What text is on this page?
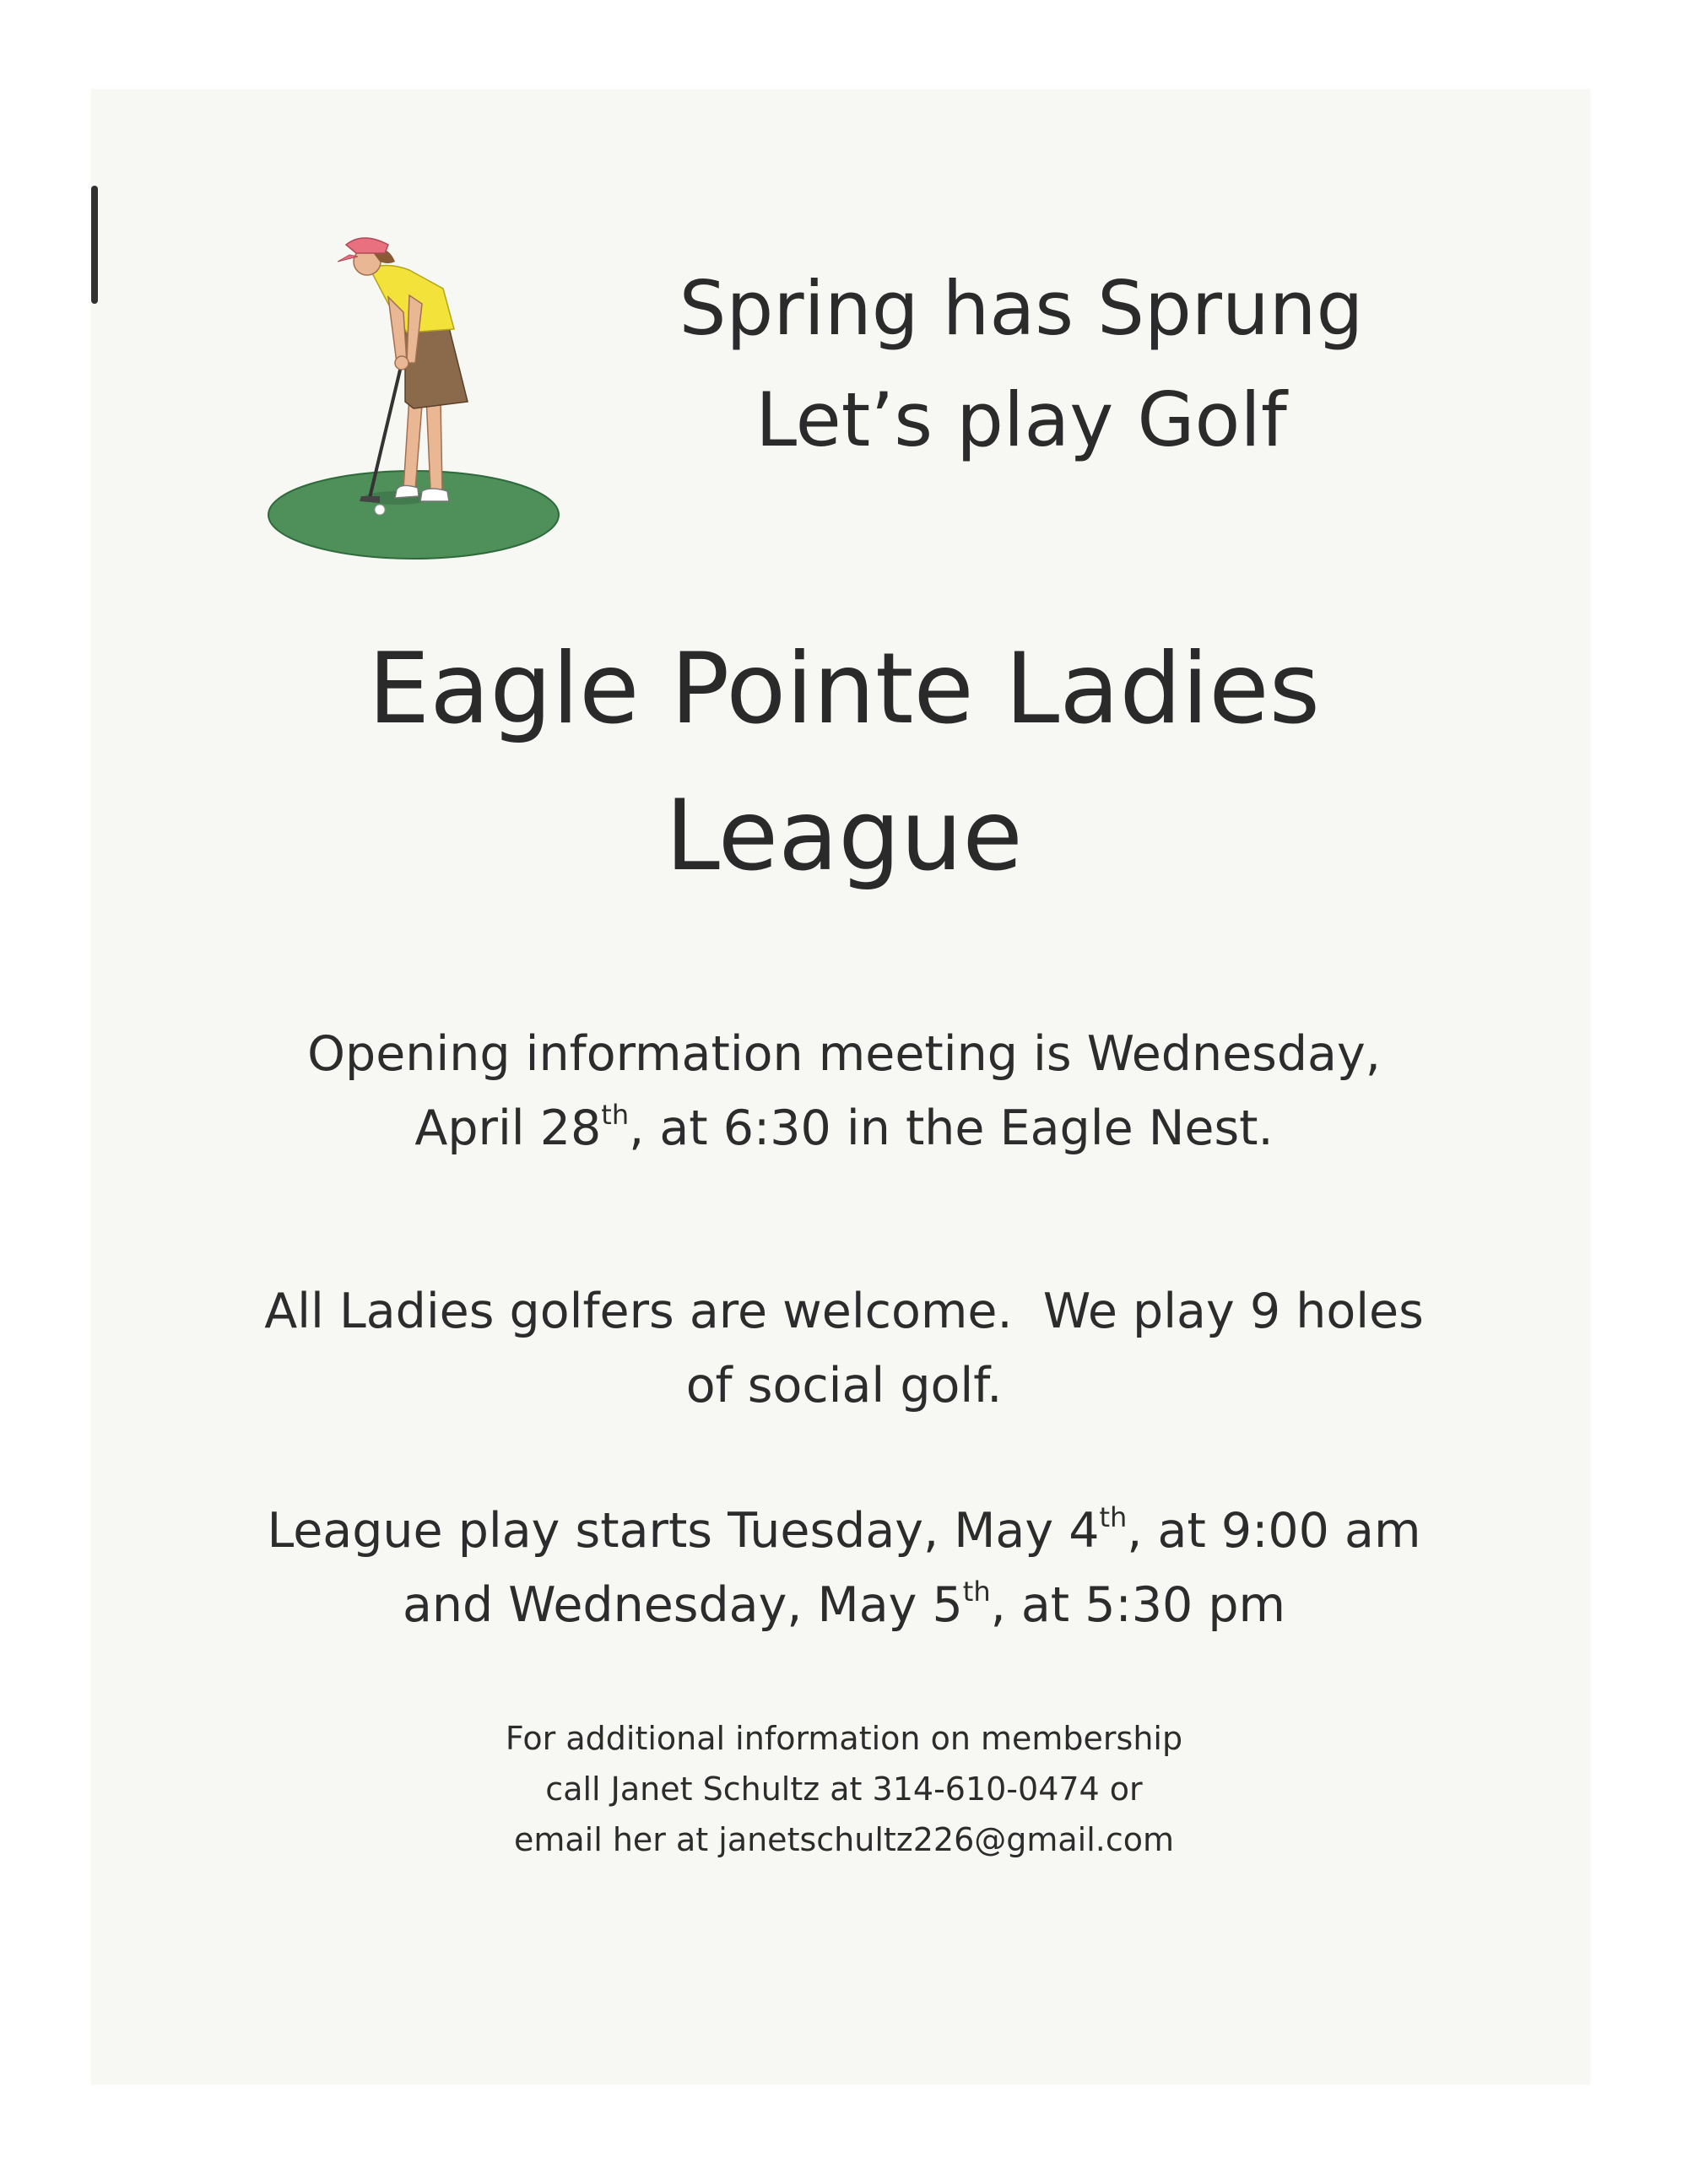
Spring has Sprung
Let’s play Golf
Eagle Pointe Ladies
League
Opening information meeting is Wednesday,
April 28th, at 6:30 in the Eagle Nest.
All Ladies golfers are welcome.  We play 9 holes
of social golf.
League play starts Tuesday, May 4th, at 9:00 am
and Wednesday, May 5th, at 5:30 pm
For additional information on membership
call Janet Schultz at 314-610-0474 or
email her at janetschultz226@gmail.com
